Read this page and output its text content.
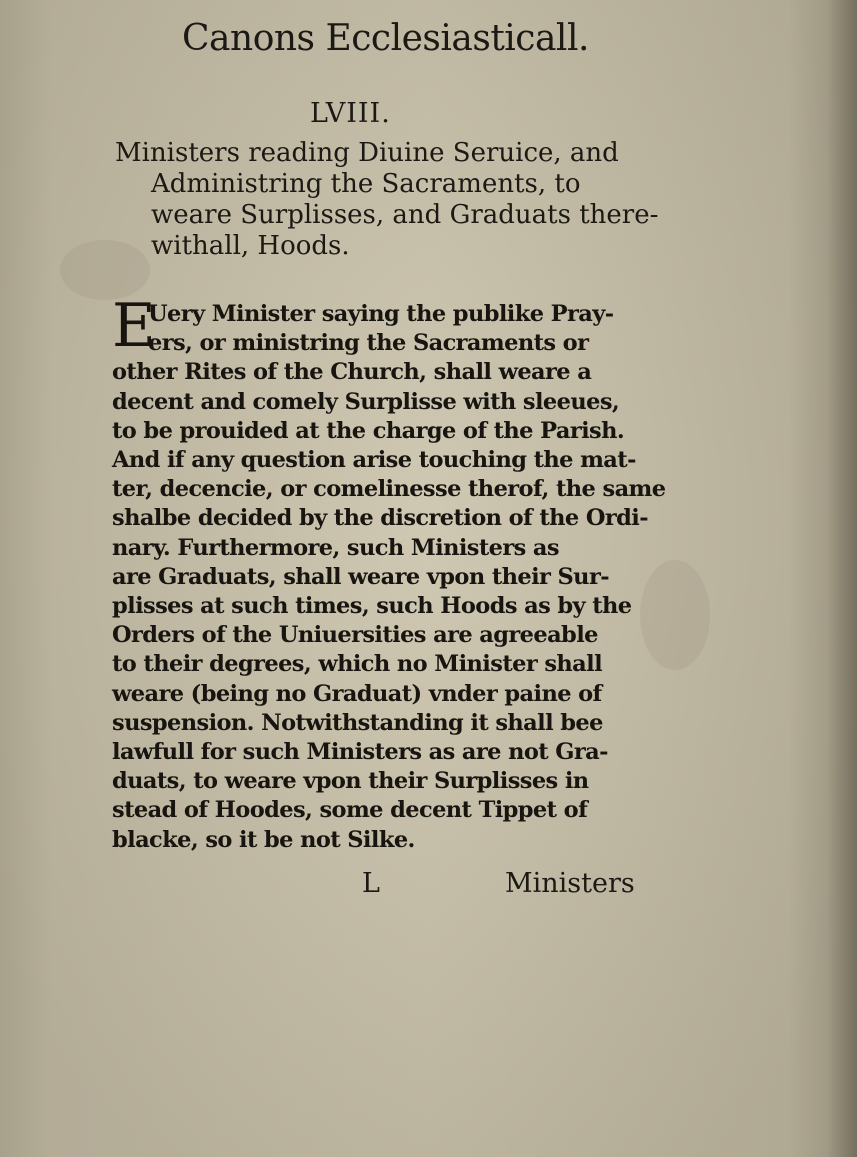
Canons Ecclesiasticall.
LVIII.
Ministers reading Diuine Seruice, and
Administring the Sacraments, to
weare Surplisses, and Graduats there-
withall, Hoods.
E
Uery Minister saying the publike Pray-
ers, or ministring the Sacraments or
other Rites of the Church, shall weare a
decent and comely Surplisse with sleeues,
to be prouided at the charge of the Parish.
And if any question arise touching the mat-
ter, decencie, or comelinesse therof, the same
shalbe decided by the discretion of the Ordi-
nary. Furthermore, such Ministers as
are Graduats, shall weare vpon their Sur-
plisses at such times, such Hoods as by the
Orders of the Uniuersities are agreeable
to their degrees, which no Minister shall
weare (being no Graduat) vnder paine of
suspension. Notwithstanding it shall bee
lawfull for such Ministers as are not Gra-
duats, to weare vpon their Surplisses in
stead of Hoodes, some decent Tippet of
blacke, so it be not Silke.
L	Ministers
